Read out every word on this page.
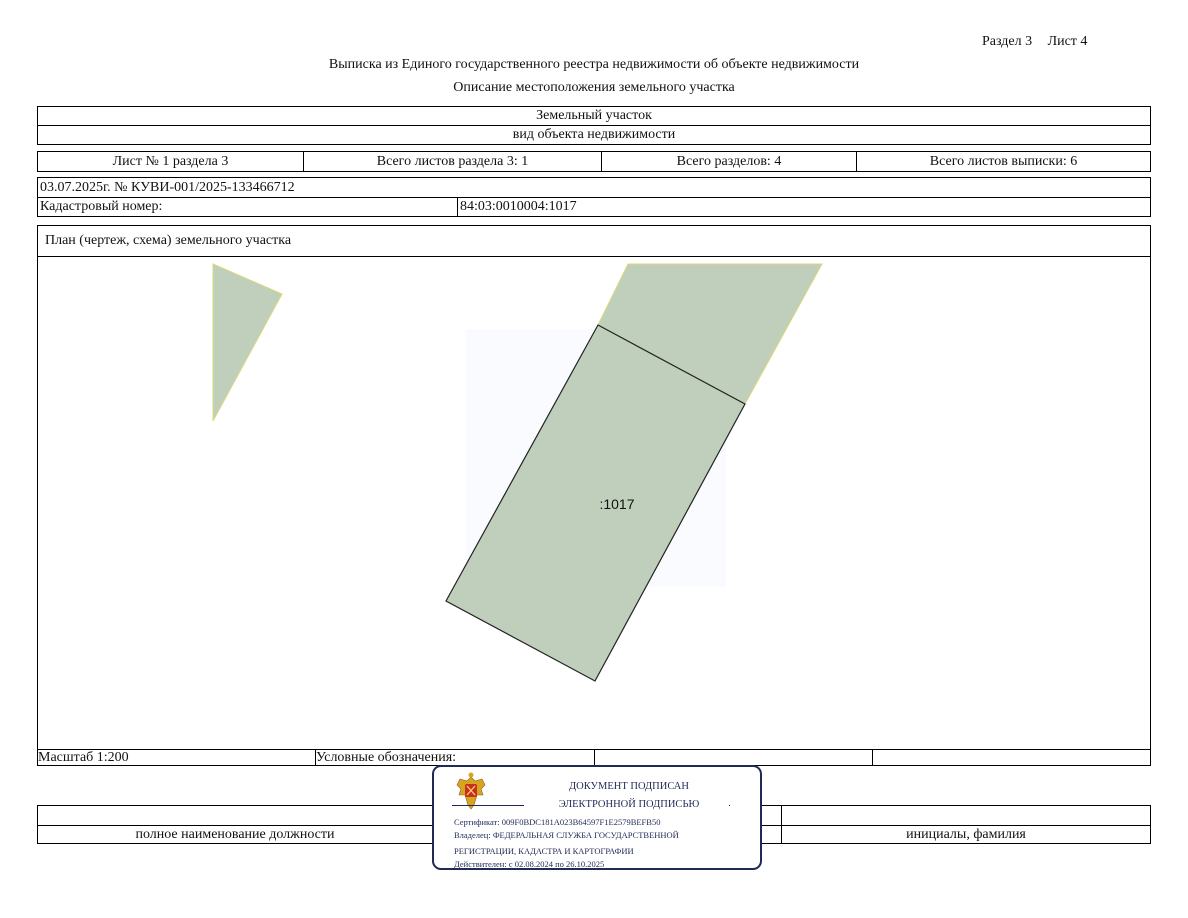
Раздел 3 Лист 4
Выписка из Единого государственного реестра недвижимости об объекте недвижимости
Описание местоположения земельного участка
Земельный участок
вид объекта недвижимости
Лист № 1 раздела 3	Всего листов раздела 3: 1	Всего разделов: 4	Всего листов выписки: 6
03.07.2025г. № КУВИ-001/2025-133466712
Кадастровый номер:	84:03:0010004:1017
План (чертеж, схема) земельного участка
:1017
Масштаб 1:200	Условные обозначения:
полное наименование должности	инициалы, фамилия
ДОКУМЕНТ ПОДПИСАН
ЭЛЕКТРОННОЙ ПОДПИСЬЮ
Сертификат: 009F0BDC181A023B64597F1E2579BEFB50
Владелец: ФЕДЕРАЛЬНАЯ СЛУЖБА ГОСУДАРСТВЕННОЙ
РЕГИСТРАЦИИ, КАДАСТРА И КАРТОГРАФИИ
Действителен: с 02.08.2024 по 26.10.2025
